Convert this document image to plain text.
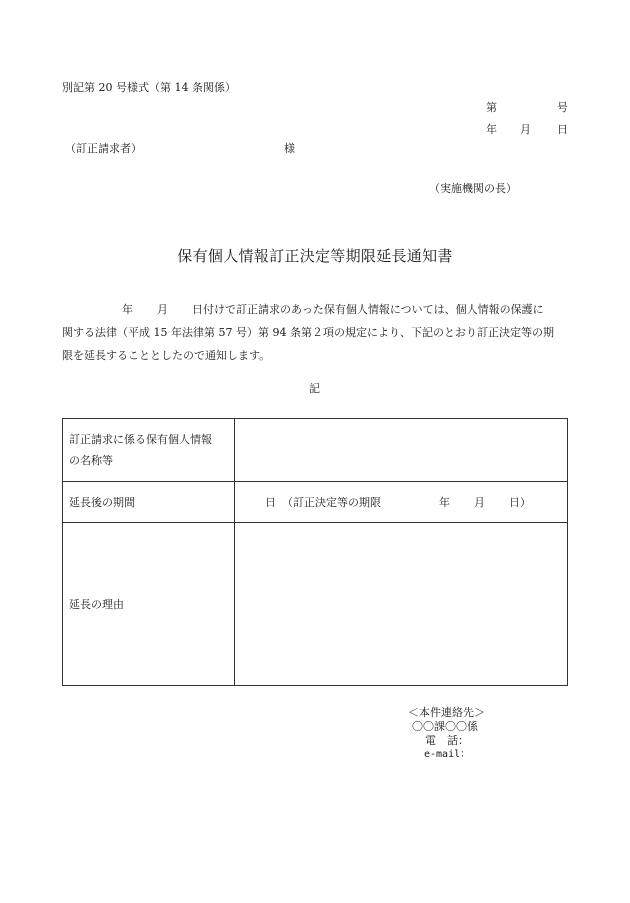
別記第 20 号様式（第 14 条関係）
第	号
年 月 日
（訂正請求者）	様
（実施機関の長）
保有個人情報訂正決定等期限延長通知書
年 月 日付けで訂正請求のあった保有個人情報については、個人情報の保護に
関する法律（平成 15 年法律第 57 号）第 94 条第２項の規定により、下記のとおり訂正決定等の期
限を延長することとしたので通知します。
記
訂正請求に係る保有個人情報
の名称等	
延長後の期間	日 （訂正決定等の期限 年 月 日）
延長の理由	
＜本件連絡先＞
〇〇課〇〇係
電　話：
e-mail：
